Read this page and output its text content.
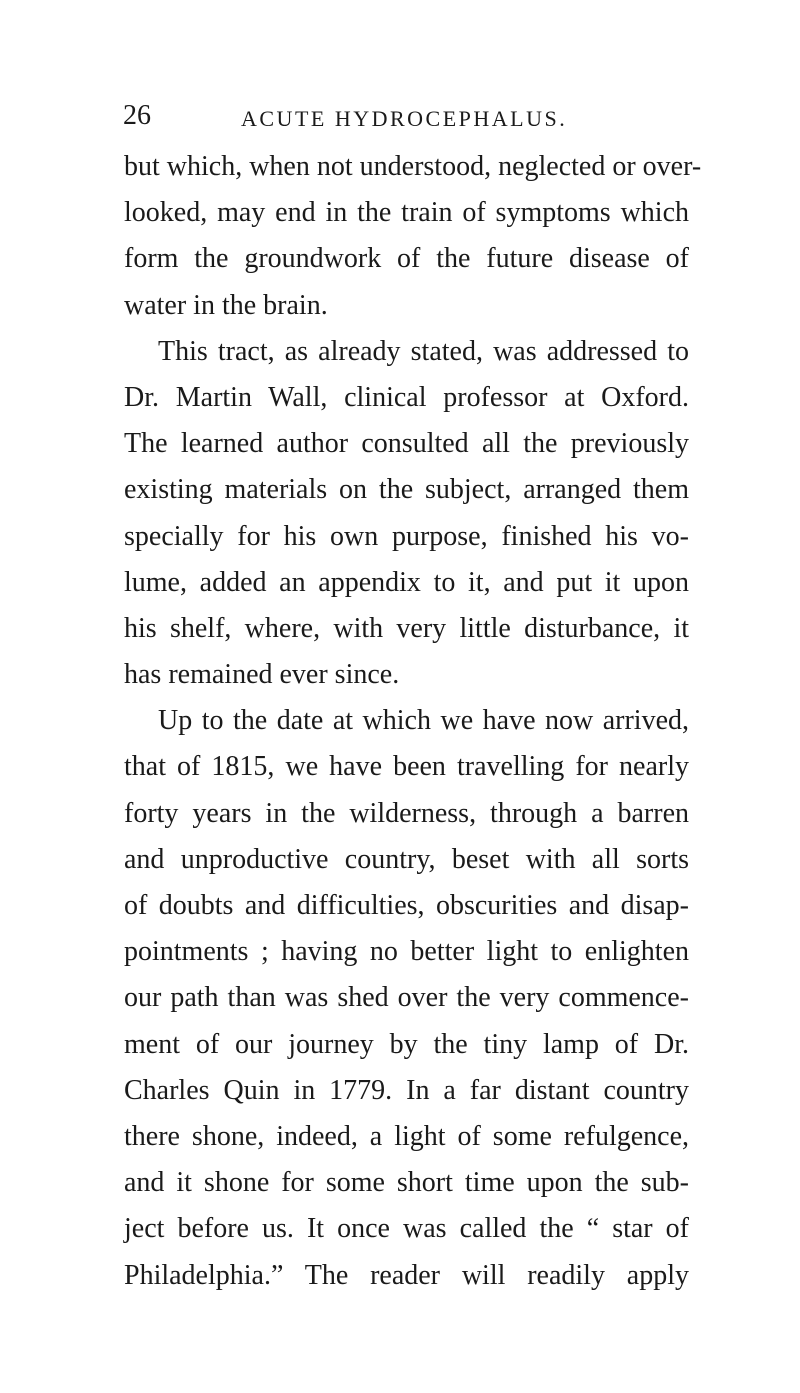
26	ACUTE HYDROCEPHALUS.
but which, when not understood, neglected or over-
looked, may end in the train of symptoms which
form the groundwork of the future disease of
water in the brain.
This tract, as already stated, was addressed to
Dr. Martin Wall, clinical professor at Oxford.
The learned author consulted all the previously
existing materials on the subject, arranged them
specially for his own purpose, finished his vo-
lume, added an appendix to it, and put it upon
his shelf, where, with very little disturbance, it
has remained ever since.
Up to the date at which we have now arrived,
that of 1815, we have been travelling for nearly
forty years in the wilderness, through a barren
and unproductive country, beset with all sorts
of doubts and difficulties, obscurities and disap-
pointments ; having no better light to enlighten
our path than was shed over the very commence-
ment of our journey by the tiny lamp of Dr.
Charles Quin in 1779. In a far distant country
there shone, indeed, a light of some refulgence,
and it shone for some short time upon the sub-
ject before us. It once was called the “ star of
Philadelphia.” The reader will readily apply
